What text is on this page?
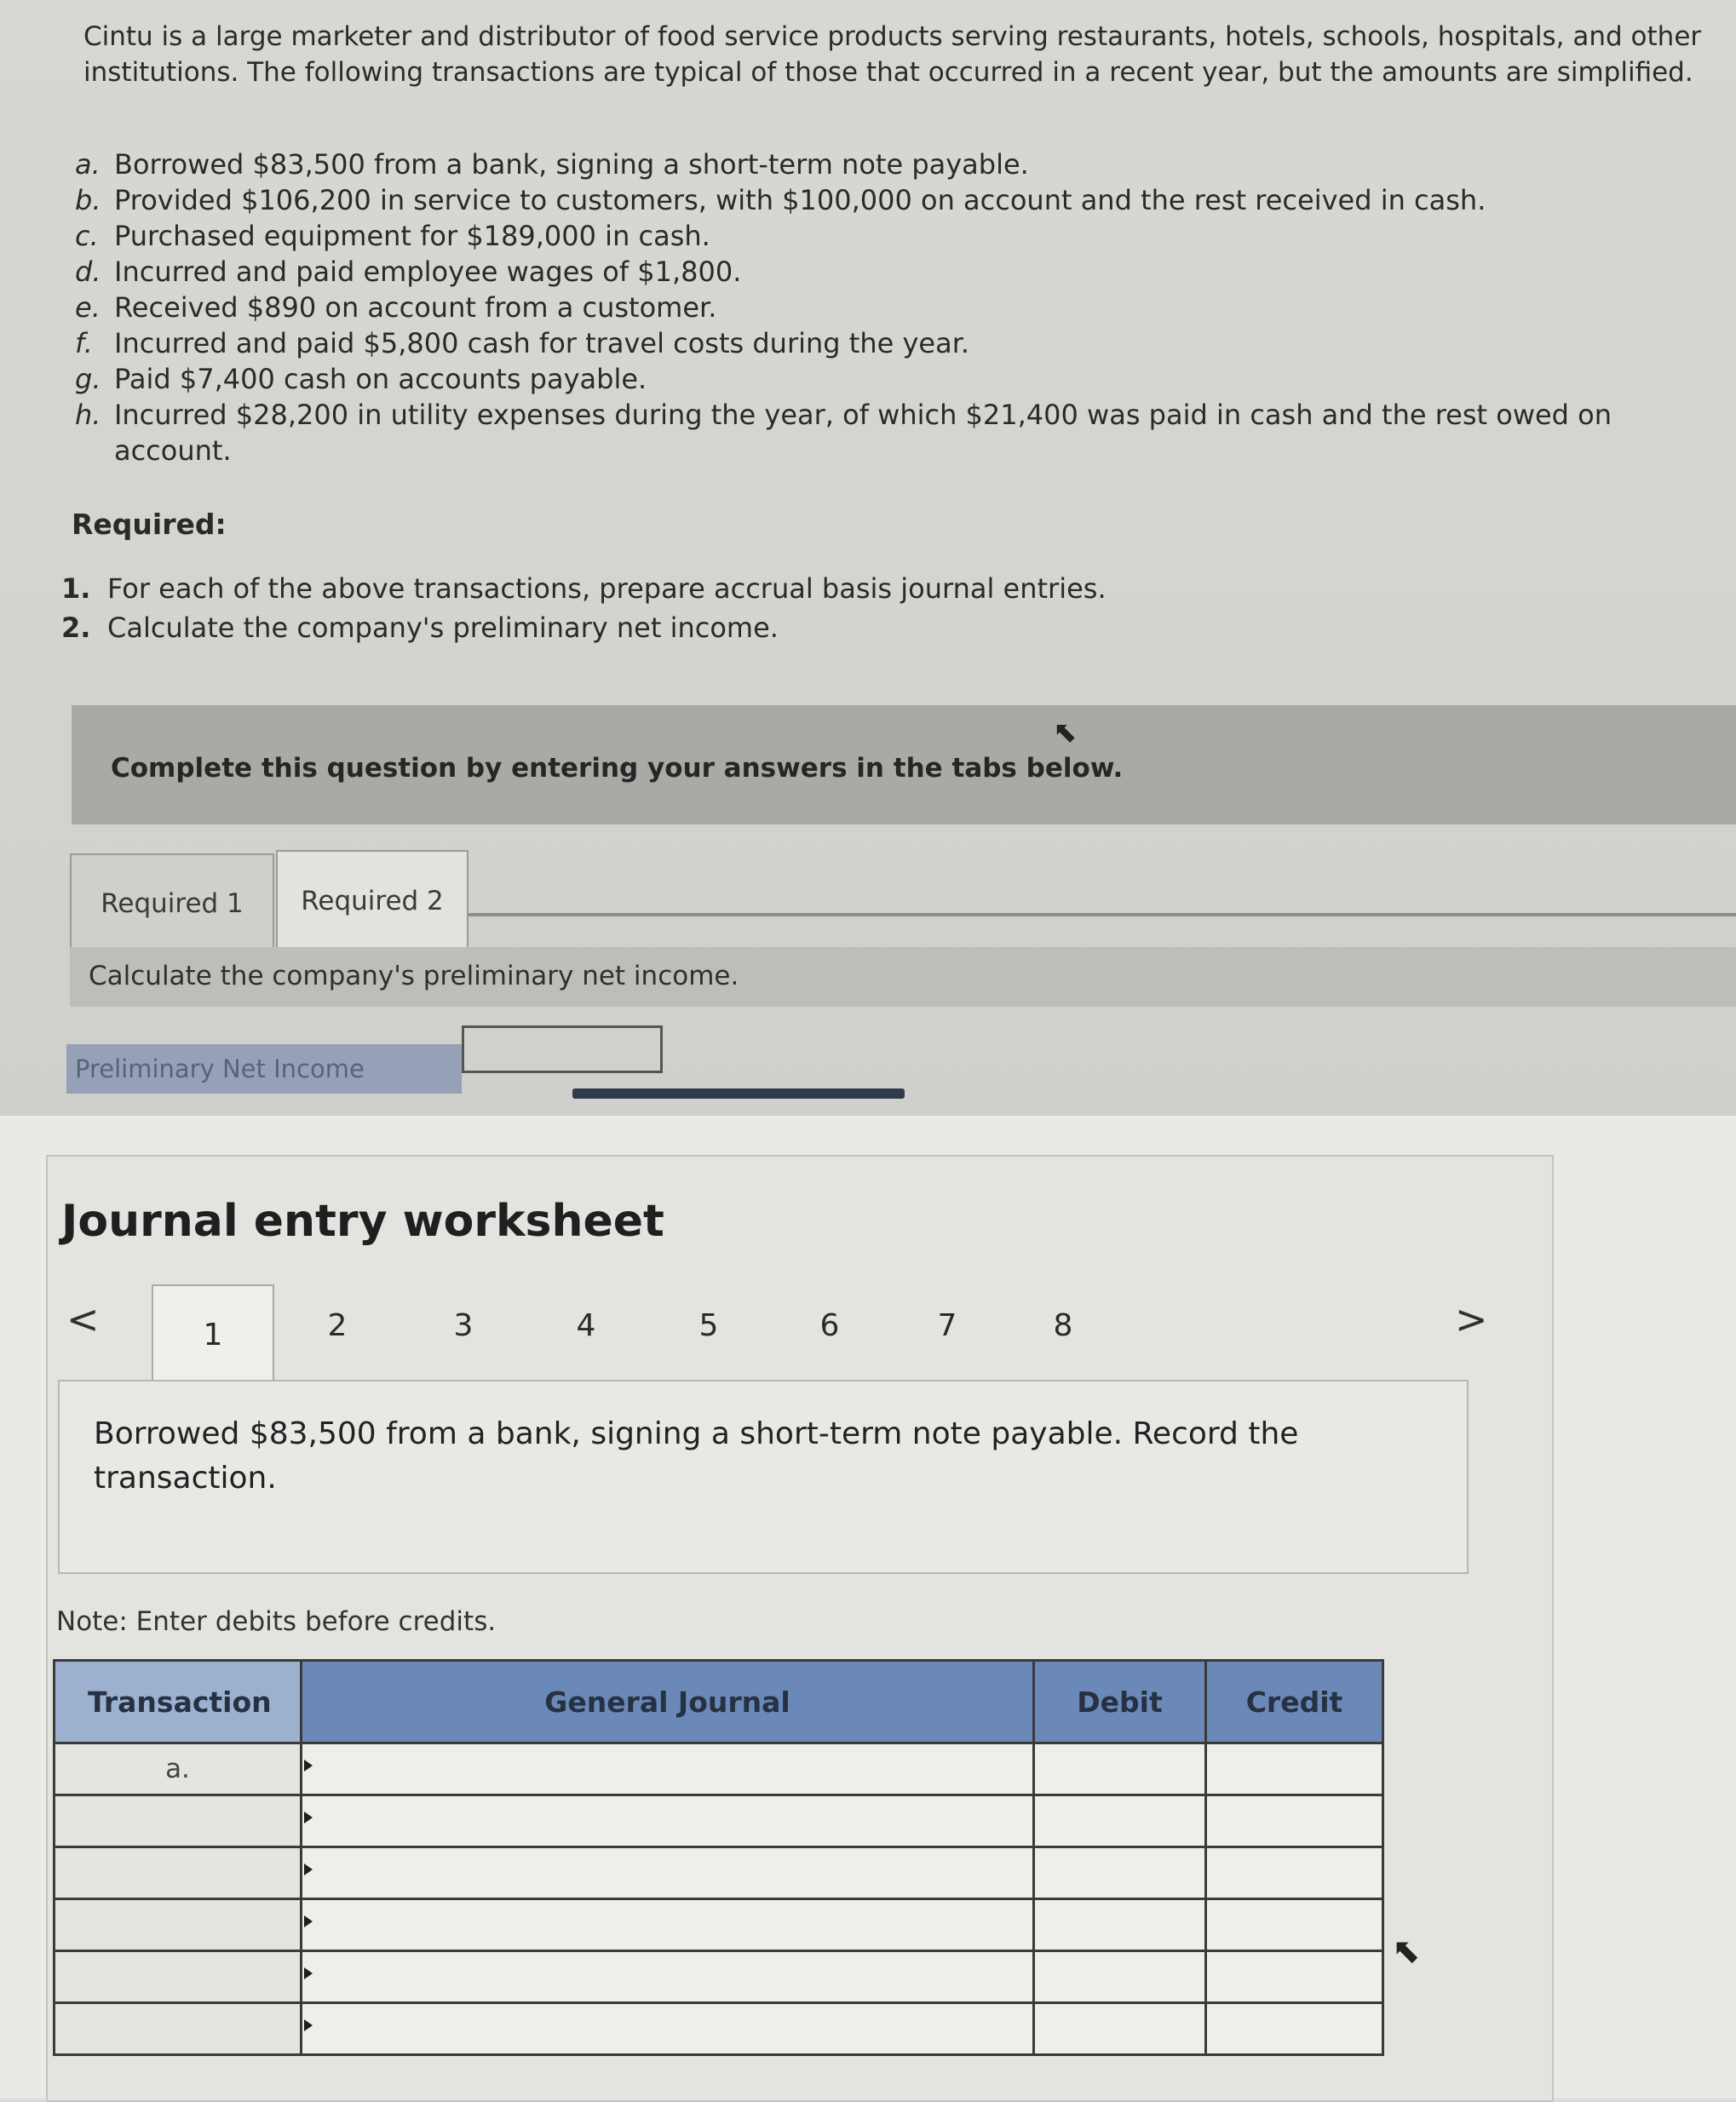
Cintu is a large marketer and distributor of food service products serving restaurants, hotels, schools, hospitals, and other institutions. The following transactions are typical of those that occurred in a recent year, but the amounts are simplified.
a. Borrowed $83,500 from a bank, signing a short-term note payable.
b. Provided $106,200 in service to customers, with $100,000 on account and the rest received in cash.
c. Purchased equipment for $189,000 in cash.
d. Incurred and paid employee wages of $1,800.
e. Received $890 on account from a customer.
f. Incurred and paid $5,800 cash for travel costs during the year.
g. Paid $7,400 cash on accounts payable.
h. Incurred $28,200 in utility expenses during the year, of which $21,400 was paid in cash and the rest owed on account.
Required:
1. For each of the above transactions, prepare accrual basis journal entries.
2. Calculate the company's preliminary net income.
Complete this question by entering your answers in the tabs below.
⬉
Required 1	Required 2
Calculate the company's preliminary net income.
Preliminary Net Income
Journal entry worksheet
<	1	2	3	4	5	6	7	8	>
Borrowed $83,500 from a bank, signing a short-term note payable. Record the transaction.
Note: Enter debits before credits.
Transaction	General Journal	Debit	Credit
a.			

⬉
